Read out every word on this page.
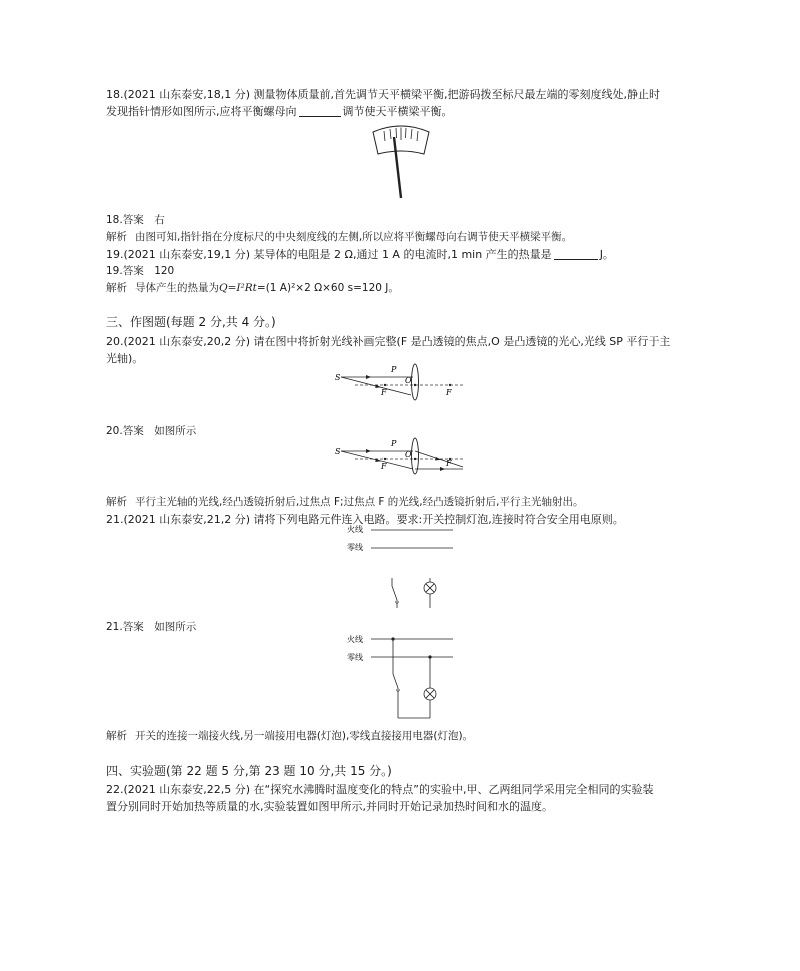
18.(2021 山东泰安,18,1 分) 测量物体质量前,首先调节天平横梁平衡,把游码拨至标尺最左端的零刻度线处,静止时
发现指针情形如图所示,应将平衡螺母向	调节使天平横梁平衡。
18.答案　右
解析 由图可知,指针指在分度标尺的中央刻度线的左侧,所以应将平衡螺母向右调节使天平横梁平衡。
19.(2021 山东泰安,19,1 分) 某导体的电阻是 2 Ω,通过 1 A 的电流时,1 min 产生的热量是	J。
19.答案　120
解析 导体产生的热量为Q=I²Rt=(1 A)²×2 Ω×60 s=120 J。
三、作图题(每题 2 分,共 4 分。)
20.(2021 山东泰安,20,2 分) 请在图中将折射光线补画完整(F 是凸透镜的焦点,O 是凸透镜的光心,光线 SP 平行于主
光轴)。
S
P
O
F	F
20.答案　如图所示
S
P
O
F	F
解析 平行主光轴的光线,经凸透镜折射后,过焦点 F;过焦点 F 的光线,经凸透镜折射后,平行主光轴射出。
21.(2021 山东泰安,21,2 分) 请将下列电路元件连入电路。要求:开关控制灯泡,连接时符合安全用电原则。
火线
零线
21.答案　如图所示
火线
零线
解析 开关的连接一端接火线,另一端接用电器(灯泡),零线直接接用电器(灯泡)。
四、实验题(第 22 题 5 分,第 23 题 10 分,共 15 分。)
22.(2021 山东泰安,22,5 分) 在“探究水沸腾时温度变化的特点”的实验中,甲、乙两组同学采用完全相同的实验装
置分别同时开始加热等质量的水,实验装置如图甲所示,并同时开始记录加热时间和水的温度。
